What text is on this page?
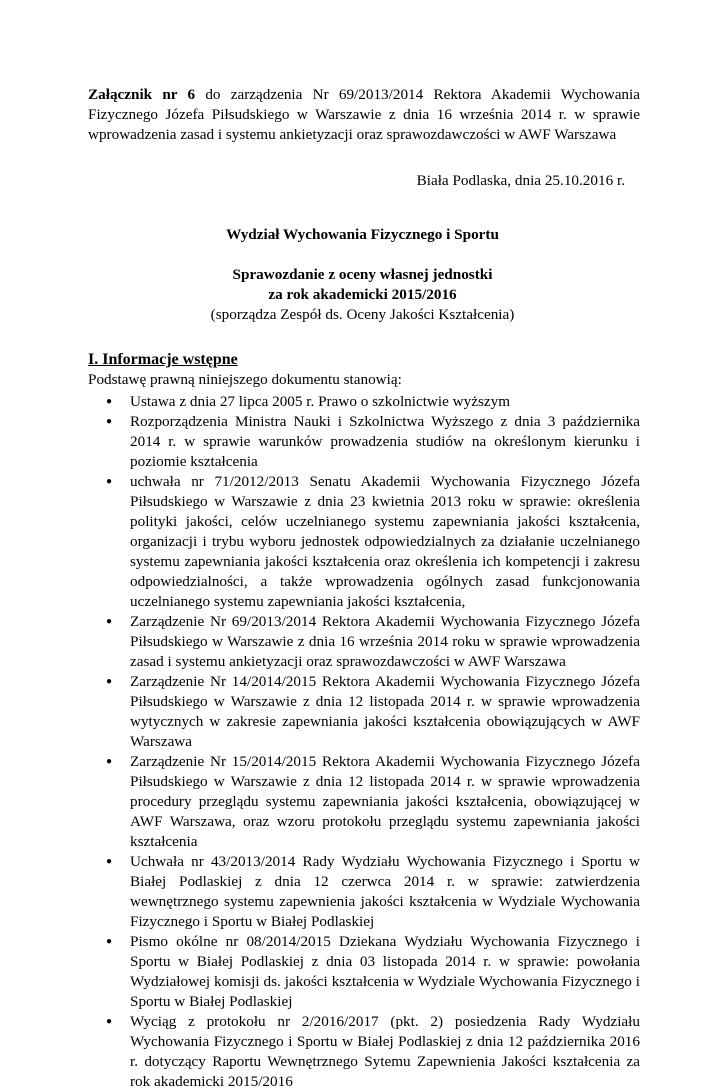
Załącznik nr 6 do zarządzenia Nr 69/2013/2014 Rektora Akademii Wychowania Fizycznego Józefa Piłsudskiego w Warszawie z dnia 16 września 2014 r. w sprawie wprowadzenia zasad i systemu ankietyzacji oraz sprawozdawczości w AWF Warszawa
Biała Podlaska, dnia 25.10.2016 r.
Wydział Wychowania Fizycznego i Sportu
Sprawozdanie z oceny własnej jednostki
za rok akademicki 2015/2016
(sporządza Zespół ds. Oceny Jakości Kształcenia)
I. Informacje wstępne
Podstawę prawną niniejszego dokumentu stanowią:
● Ustawa z dnia 27 lipca 2005 r. Prawo o szkolnictwie wyższym
● Rozporządzenia Ministra Nauki i Szkolnictwa Wyższego z dnia 3 października 2014 r. w sprawie warunków prowadzenia studiów na określonym kierunku i poziomie kształcenia
● uchwała nr 71/2012/2013 Senatu Akademii Wychowania Fizycznego Józefa Piłsudskiego w Warszawie z dnia 23 kwietnia 2013 roku w sprawie: określenia polityki jakości, celów uczelnianego systemu zapewniania jakości kształcenia, organizacji i trybu wyboru jednostek odpowiedzialnych za działanie uczelnianego systemu zapewniania jakości kształcenia oraz określenia ich kompetencji i zakresu odpowiedzialności, a także wprowadzenia ogólnych zasad funkcjonowania uczelnianego systemu zapewniania jakości kształcenia,
● Zarządzenie Nr 69/2013/2014 Rektora Akademii Wychowania Fizycznego Józefa Piłsudskiego w Warszawie z dnia 16 września 2014 roku w sprawie wprowadzenia zasad i systemu ankietyzacji oraz sprawozdawczości w AWF Warszawa
● Zarządzenie Nr 14/2014/2015 Rektora Akademii Wychowania Fizycznego Józefa Piłsudskiego w Warszawie z dnia 12 listopada 2014 r. w sprawie wprowadzenia wytycznych w zakresie zapewniania jakości kształcenia obowiązujących w AWF Warszawa
● Zarządzenie Nr 15/2014/2015 Rektora Akademii Wychowania Fizycznego Józefa Piłsudskiego w Warszawie z dnia 12 listopada 2014 r. w sprawie wprowadzenia procedury przeglądu systemu zapewniania jakości kształcenia, obowiązującej w AWF Warszawa, oraz wzoru protokołu przeglądu systemu zapewniania jakości kształcenia
● Uchwała nr 43/2013/2014 Rady Wydziału Wychowania Fizycznego i Sportu w Białej Podlaskiej z dnia 12 czerwca 2014 r. w sprawie: zatwierdzenia wewnętrznego systemu zapewnienia jakości kształcenia w Wydziale Wychowania Fizycznego i Sportu w Białej Podlaskiej
● Pismo okólne nr 08/2014/2015 Dziekana Wydziału Wychowania Fizycznego i Sportu w Białej Podlaskiej z dnia 03 listopada 2014 r. w sprawie: powołania Wydziałowej komisji ds. jakości kształcenia w Wydziale Wychowania Fizycznego i Sportu w Białej Podlaskiej
● Wyciąg z protokołu nr 2/2016/2017 (pkt. 2) posiedzenia Rady Wydziału Wychowania Fizycznego i Sportu w Białej Podlaskiej z dnia 12 października 2016 r. dotyczący Raportu Wewnętrznego Sytemu Zapewnienia Jakości kształcenia za rok akademicki 2015/2016
